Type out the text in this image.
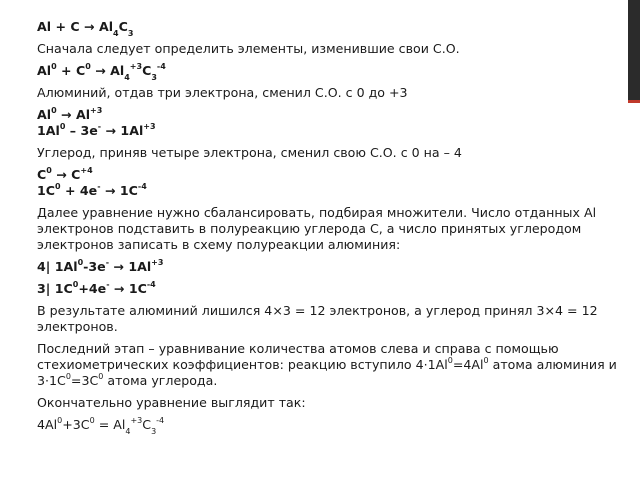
$Al + C \to Al_4C_3$

Сначала следует определить элементы, изменившие свои С.О.

$Al^0 + C^0 \to Al_4^{+3}C_3^{-4}$

Алюминий, отдав три электрона, сменил С.О. с 0 до +3

$Al^0 \to Al^{+3}$
$1Al^0 - 3e^- \to 1Al^{+3}$

Углерод, приняв четыре электрона, сменил свою С.О. с 0 на – 4

$C^0 \to C^{+4}$
$1C^0 + 4e^- \to 1C^{-4}$

Далее уравнение нужно сбалансировать, подбирая множители. Число отданных Al электронов подставить в полуреакцию углерода C, а число принятых углеродом электронов записать в схему полуреакции алюминия:

4| $1Al^0-3e^- \to 1Al^{+3}$

3| $1C^0+4e^- \to 1C^{-4}$

В результате алюминий лишился 4×3 = 12 электронов, а углерод принял 3×4 = 12 электронов.

Последний этап – уравнивание количества атомов слева и справа с помощью стехиометрических коэффициентов: реакцию вступило $4\cdot 1Al^0=4Al^0$ атома алюминия и $3\cdot 1C^0=3C^0$ атома углерода.

Окончательно уравнение выглядит так:

$4Al^0+3C^0 = Al_4^{+3}C_3^{-4}$
